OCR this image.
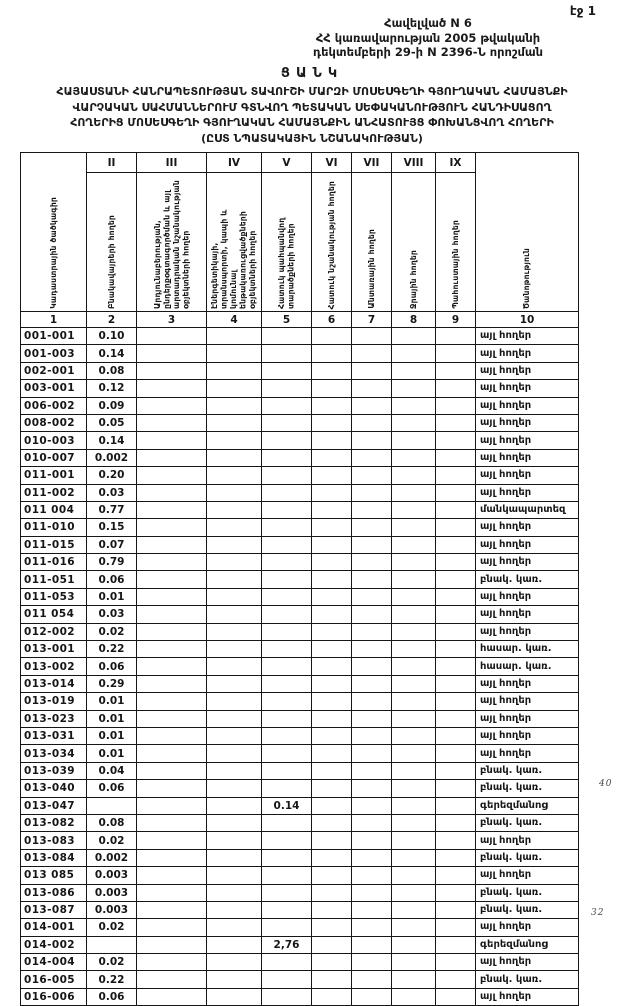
էջ 1
Հավելված N 6
ՀՀ կառավարության 2005 թվականի
դեկտեմբերի 29-ի N 2396-Ն որոշման
ՑԱՆԿ
ՀԱՅԱՍՏԱՆԻ ՀԱՆՐԱՊԵՏՈՒԹՅԱՆ ՏԱՎՈՒՇԻ ՄԱՐԶԻ ՄՈՍԵՍԳԵՂԻ ԳՅՈՒՂԱԿԱՆ ՀԱՄԱՅՆՔԻ
ՎԱՐՉԱԿԱՆ ՍԱՀՄԱՆՆԵՐՈՒՄ ԳՏՆՎՈՂ ՊԵՏԱԿԱՆ ՍԵՓԱԿԱՆՈՒԹՅՈՒՆ ՀԱՆԴԻՍԱՑՈՂ
ՀՈՂԵՐԻՑ ՄՈՍԵՍԳԵՂԻ ԳՅՈՒՂԱԿԱՆ ՀԱՄԱՅՆՔԻՆ ԱՆՀԱՏՈՒՅՑ ՓՈԽԱՆՑՎՈՂ ՀՈՂԵՐԻ
(ԸՍՏ ՆՊԱՏԱԿԱՅԻՆ ՆՇԱՆԱԿՈՒԹՅԱՆ)
Կադաստրային ծածկագիր	II	III	IV	V	VI	VII	VIII	IX	Ծանոթություն

	Բնակավայրերի հողեր	Արդյունաբերության, ընդերքօգտագործման և այլ արտադրական նշանակության օբյեկտների հողեր	Էներգետիկայի, տրանսպորտի, կապի և կոմունալ ենթակառուցվածքների օբյեկտների հողեր	Հատուկ պահպանվող տարածքների հողեր	Հատուկ նշանակության հողեր	Անտառային հողեր	Ջրային հողեր	Պահուստային հողեր	

1	2	3	4	5	6	7	8	9	10
001-001	0.10								այլ հողեր
001-003	0.14								այլ հողեր
002-001	0.08								այլ հողեր
003-001	0.12								այլ հողեր
006-002	0.09								այլ հողեր
008-002	0.05								այլ հողեր
010-003	0.14								այլ հողեր
010-007	0.002								այլ հողեր
011-001	0.20								այլ հողեր
011-002	0.03								այլ հողեր
011 004	0.77								մանկապարտեզ
011-010	0.15								այլ հողեր
011-015	0.07								այլ հողեր
011-016	0.79								այլ հողեր
011-051	0.06								բնակ. կառ.
011-053	0.01								այլ հողեր
011 054	0.03								այլ հողեր
012-002	0.02								այլ հողեր
013-001	0.22								հասար. կառ.
013-002	0.06								հասար. կառ.
013-014	0.29								այլ հողեր
013-019	0.01								այլ հողեր
013-023	0.01								այլ հողեր
013-031	0.01								այլ հողեր
013-034	0.01								այլ հողեր
013-039	0.04								բնակ. կառ.
013-040	0.06								բնակ. կառ.
013-047				0.14					գերեզմանոց
013-082	0.08								բնակ. կառ.
013-083	0.02								այլ հողեր
013-084	0.002								բնակ. կառ.
013 085	0.003								այլ հողեր
013-086	0.003								բնակ. կառ.
013-087	0.003								բնակ. կառ.
014-001	0.02								այլ հողեր
014-002				2,76					գերեզմանոց
014-004	0.02								այլ հողեր
016-005	0.22								բնակ. կառ.
016-006	0.06								այլ հողեր
40
32
